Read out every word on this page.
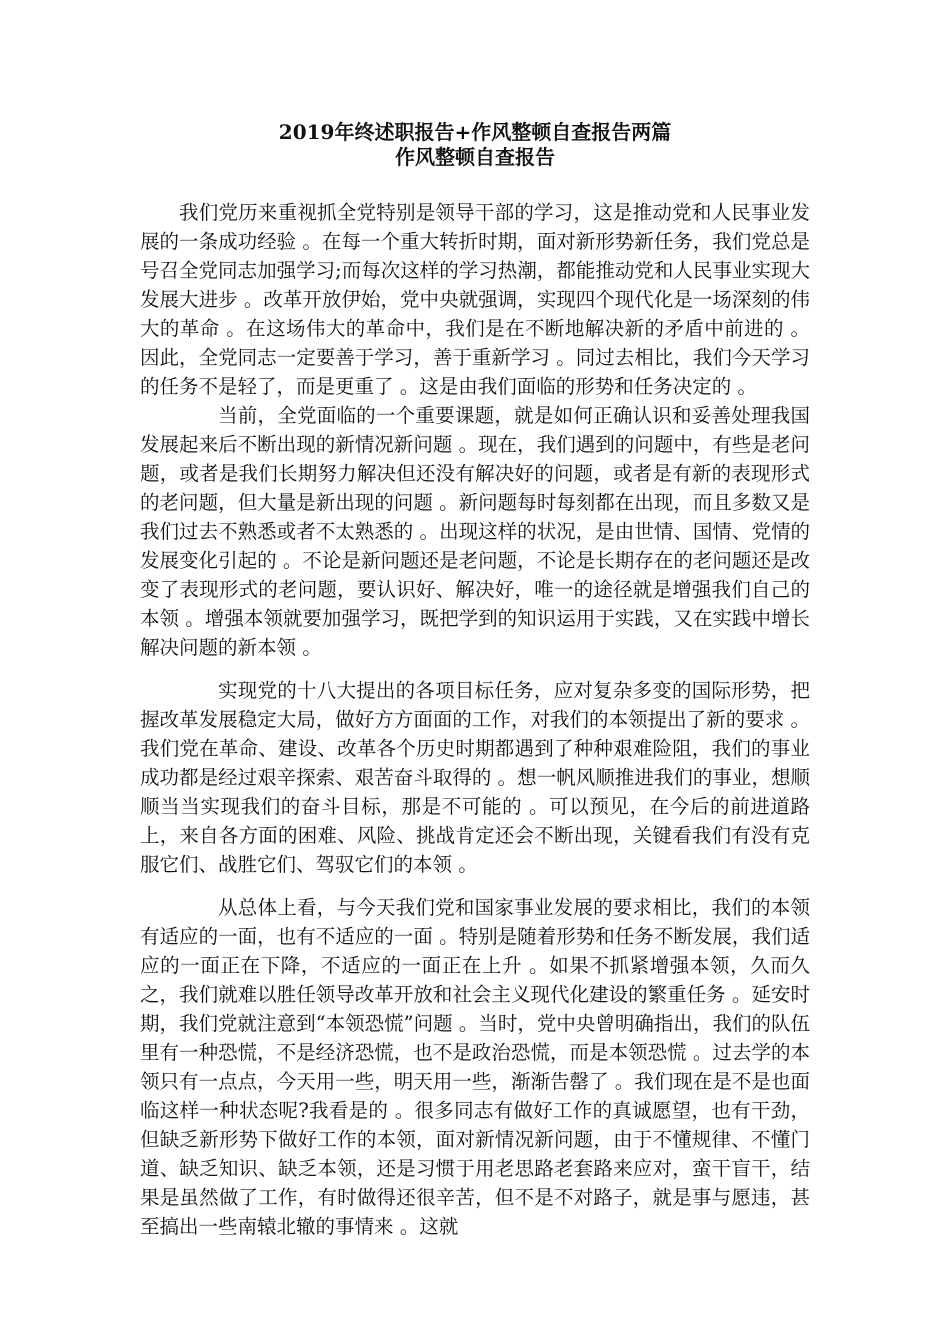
2019年终述职报告+作风整顿自查报告两篇
作风整顿自查报告

我们党历来重视抓全党特别是领导干部的学习，这是推动党和人民事业发展的一条成功经验 。在每一个重大转折时期，面对新形势新任务，我们党总是号召全党同志加强学习;而每次这样的学习热潮，都能推动党和人民事业实现大发展大进步 。改革开放伊始，党中央就强调，实现四个现代化是一场深刻的伟大的革命 。在这场伟大的革命中，我们是在不断地解决新的矛盾中前进的 。因此，全党同志一定要善于学习，善于重新学习 。同过去相比，我们今天学习的任务不是轻了，而是更重了 。这是由我们面临的形势和任务决定的 。

当前，全党面临的一个重要课题，就是如何正确认识和妥善处理我国发展起来后不断出现的新情况新问题 。现在，我们遇到的问题中，有些是老问题，或者是我们长期努力解决但还没有解决好的问题，或者是有新的表现形式的老问题，但大量是新出现的问题 。新问题每时每刻都在出现，而且多数又是我们过去不熟悉或者不太熟悉的 。出现这样的状况，是由世情、国情、党情的发展变化引起的 。不论是新问题还是老问题，不论是长期存在的老问题还是改变了表现形式的老问题，要认识好、解决好，唯一的途径就是增强我们自己的本领 。增强本领就要加强学习，既把学到的知识运用于实践，又在实践中增长解决问题的新本领 。

实现党的十八大提出的各项目标任务，应对复杂多变的国际形势，把握改革发展稳定大局，做好方方面面的工作，对我们的本领提出了新的要求 。我们党在革命、建设、改革各个历史时期都遇到了种种艰难险阻，我们的事业成功都是经过艰辛探索、艰苦奋斗取得的 。想一帆风顺推进我们的事业，想顺顺当当实现我们的奋斗目标，那是不可能的 。可以预见，在今后的前进道路上，来自各方面的困难、风险、挑战肯定还会不断出现，关键看我们有没有克服它们、战胜它们、驾驭它们的本领 。

从总体上看，与今天我们党和国家事业发展的要求相比，我们的本领有适应的一面，也有不适应的一面 。特别是随着形势和任务不断发展，我们适应的一面正在下降，不适应的一面正在上升 。如果不抓紧增强本领，久而久之，我们就难以胜任领导改革开放和社会主义现代化建设的繁重任务 。延安时期，我们党就注意到“本领恐慌”问题 。当时，党中央曾明确指出，我们的队伍里有一种恐慌，不是经济恐慌，也不是政治恐慌，而是本领恐慌 。过去学的本领只有一点点，今天用一些，明天用一些，渐渐告罄了 。我们现在是不是也面临这样一种状态呢?我看是的 。很多同志有做好工作的真诚愿望，也有干劲，但缺乏新形势下做好工作的本领，面对新情况新问题，由于不懂规律、不懂门道、缺乏知识、缺乏本领，还是习惯于用老思路老套路来应对，蛮干盲干，结果是虽然做了工作，有时做得还很辛苦，但不是不对路子，就是事与愿违，甚至搞出一些南辕北辙的事情来 。这就
